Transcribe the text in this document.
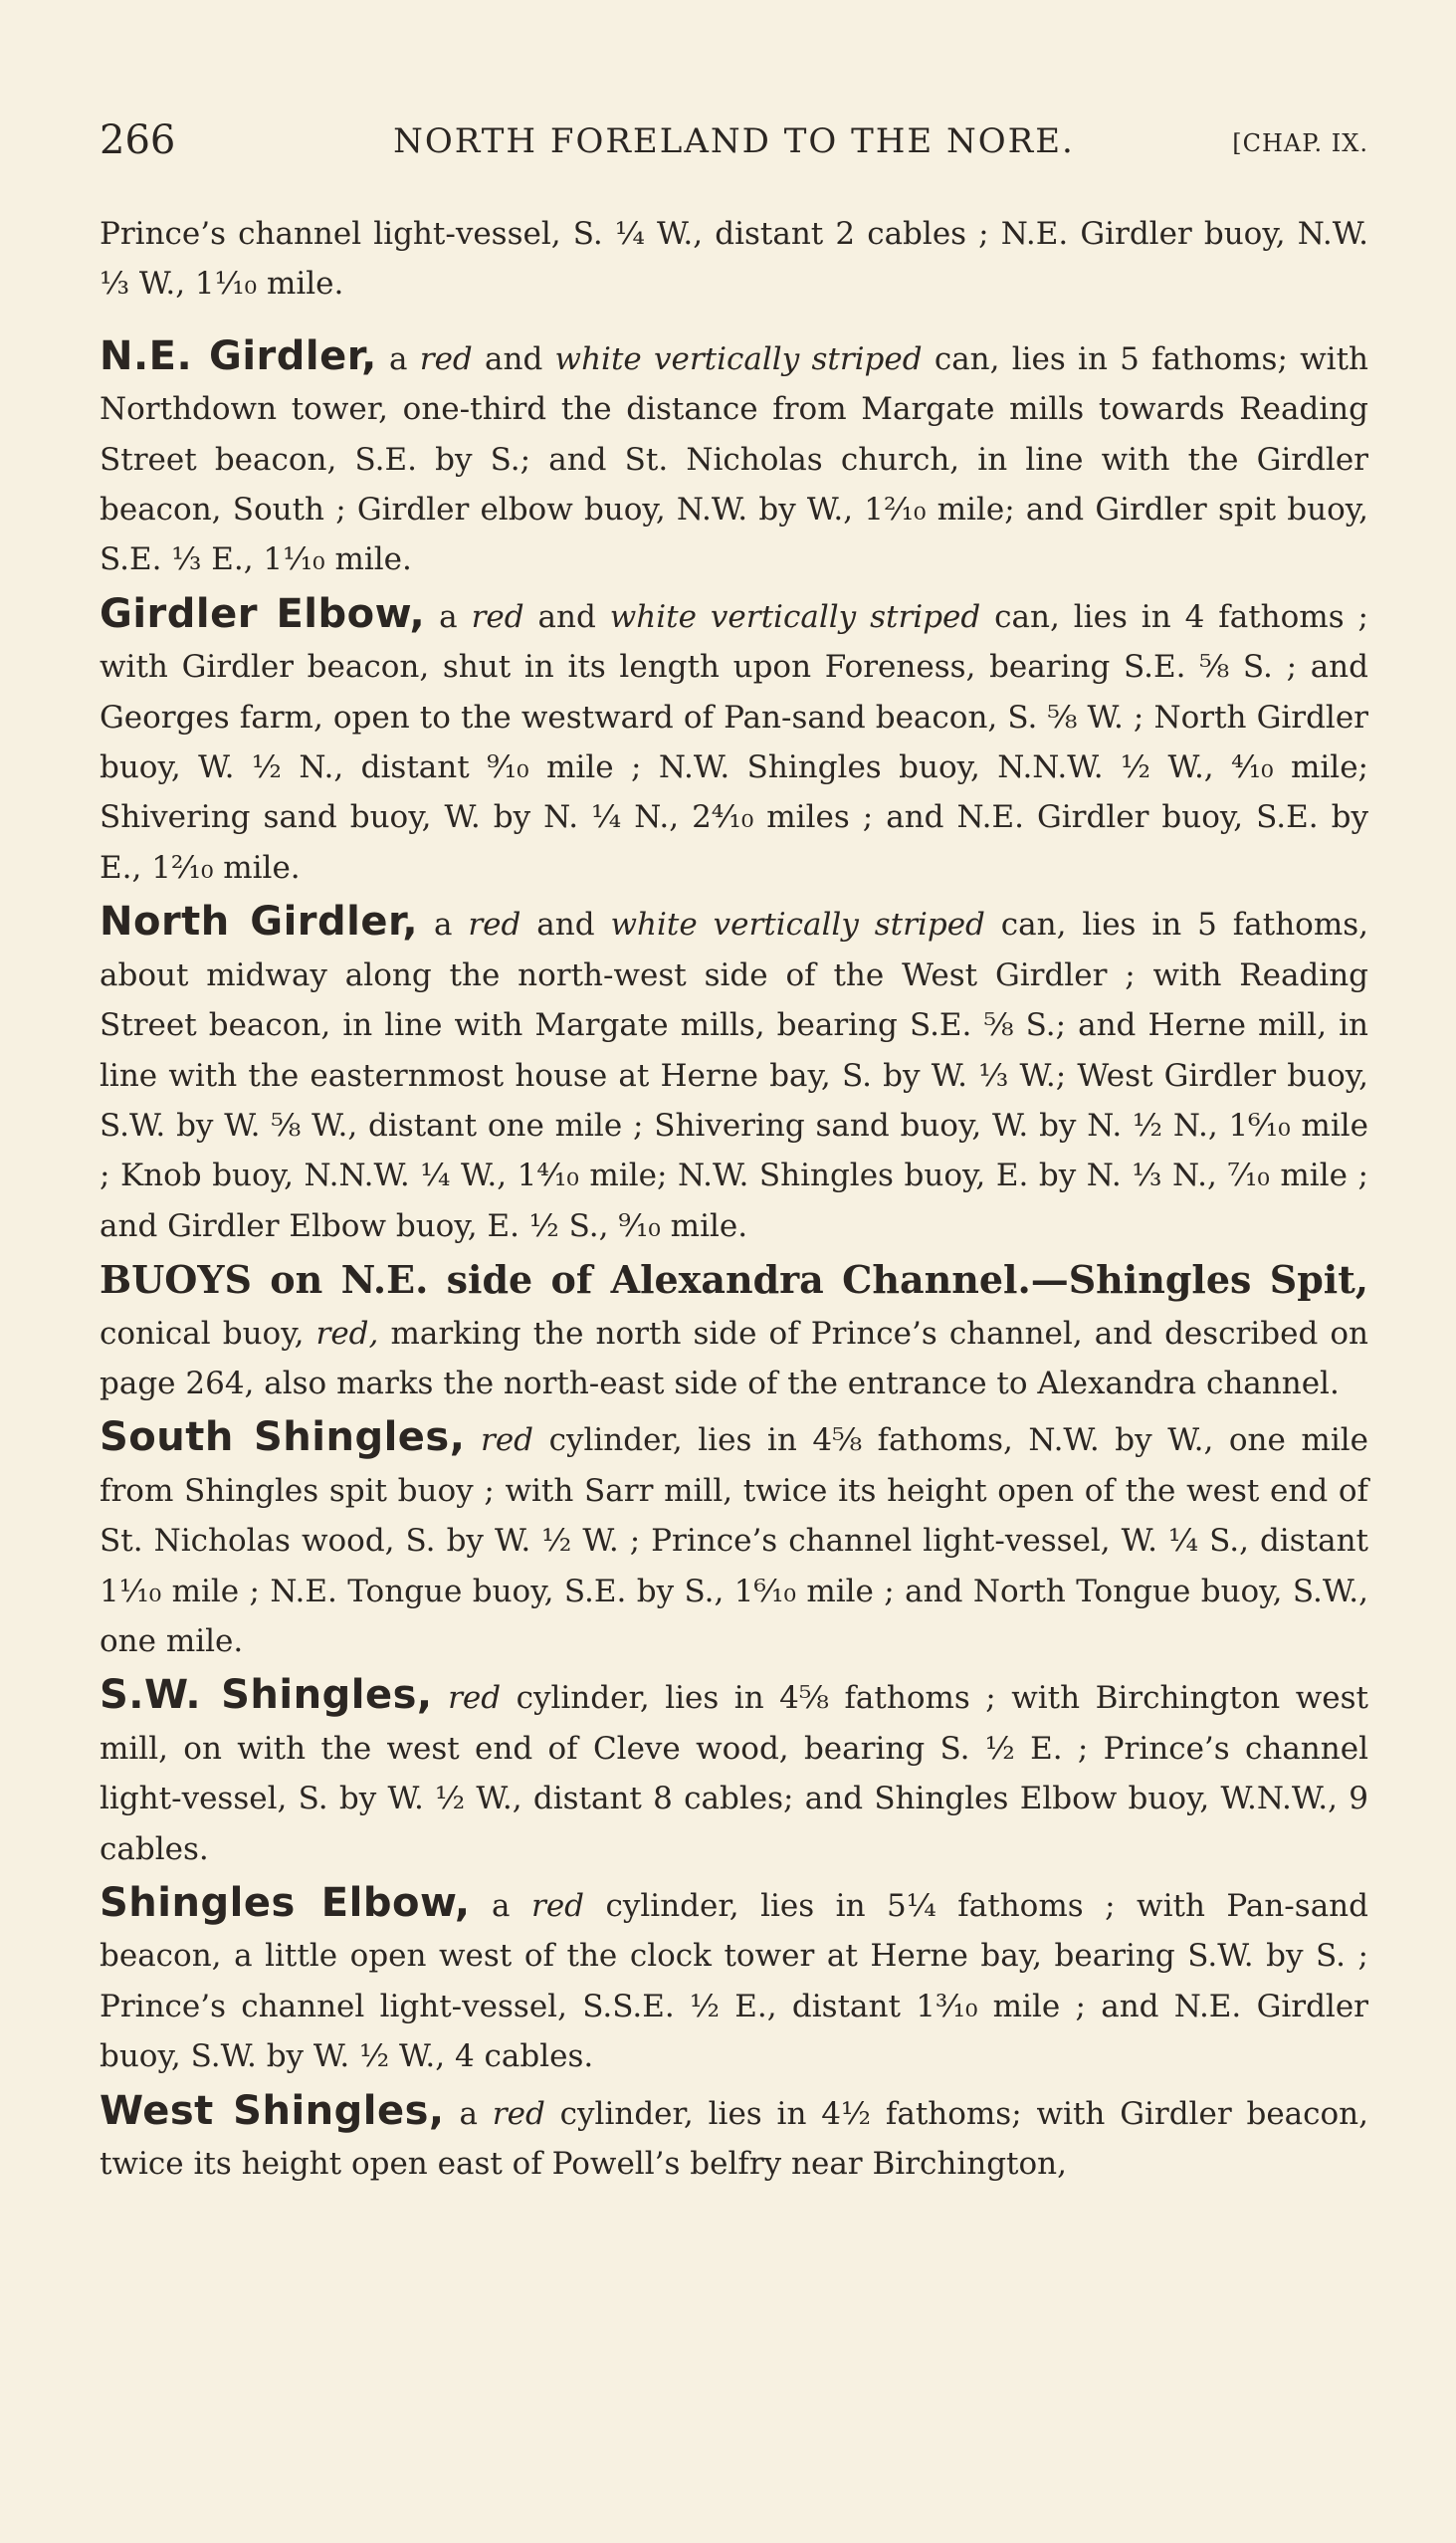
266	NORTH FORELAND TO THE NORE.	[CHAP. IX.

Prince’s channel light-vessel, S. ¼ W., distant 2 cables ; N.E. Girdler buoy, N.W. ⅓ W., 1⅟₁₀ mile.

N.E. Girdler, a red and white vertically striped can, lies in 5 fathoms; with Northdown tower, one-third the distance from Margate mills towards Reading Street beacon, S.E. by S.; and St. Nicholas church, in line with the Girdler beacon, South ; Girdler elbow buoy, N.W. by W., 1²⁄₁₀ mile; and Girdler spit buoy, S.E. ⅓ E., 1⅟₁₀ mile.

Girdler Elbow, a red and white vertically striped can, lies in 4 fathoms ; with Girdler beacon, shut in its length upon Foreness, bearing S.E. ⅝ S. ; and Georges farm, open to the westward of Pan-sand beacon, S. ⅝ W. ; North Girdler buoy, W. ½ N., distant ⁹⁄₁₀ mile ; N.W. Shingles buoy, N.N.W. ½ W., ⁴⁄₁₀ mile; Shivering sand buoy, W. by N. ¼ N., 2⁴⁄₁₀ miles ; and N.E. Girdler buoy, S.E. by E., 1²⁄₁₀ mile.

North Girdler, a red and white vertically striped can, lies in 5 fathoms, about midway along the north-west side of the West Girdler ; with Reading Street beacon, in line with Margate mills, bearing S.E. ⅝ S.; and Herne mill, in line with the easternmost house at Herne bay, S. by W. ⅓ W.; West Girdler buoy, S.W. by W. ⅝ W., distant one mile ; Shivering sand buoy, W. by N. ½ N., 1⁶⁄₁₀ mile ; Knob buoy, N.N.W. ¼ W., 1⁴⁄₁₀ mile; N.W. Shingles buoy, E. by N. ⅓ N., ⁷⁄₁₀ mile ; and Girdler Elbow buoy, E. ½ S., ⁹⁄₁₀ mile.

BUOYS on N.E. side of Alexandra Channel.—Shingles Spit, conical buoy, red, marking the north side of Prince’s channel, and described on page 264, also marks the north-east side of the entrance to Alexandra channel.

South Shingles, red cylinder, lies in 4⅝ fathoms, N.W. by W., one mile from Shingles spit buoy ; with Sarr mill, twice its height open of the west end of St. Nicholas wood, S. by W. ½ W. ; Prince’s channel light-vessel, W. ¼ S., distant 1⅟₁₀ mile ; N.E. Tongue buoy, S.E. by S., 1⁶⁄₁₀ mile ; and North Tongue buoy, S.W., one mile.

S.W. Shingles, red cylinder, lies in 4⅝ fathoms ; with Birchington west mill, on with the west end of Cleve wood, bearing S. ½ E. ; Prince’s channel light-vessel, S. by W. ½ W., distant 8 cables; and Shingles Elbow buoy, W.N.W., 9 cables.

Shingles Elbow, a red cylinder, lies in 5¼ fathoms ; with Pan-sand beacon, a little open west of the clock tower at Herne bay, bearing S.W. by S. ; Prince’s channel light-vessel, S.S.E. ½ E., distant 1³⁄₁₀ mile ; and N.E. Girdler buoy, S.W. by W. ½ W., 4 cables.

West Shingles, a red cylinder, lies in 4½ fathoms; with Girdler beacon, twice its height open east of Powell’s belfry near Birchington,
